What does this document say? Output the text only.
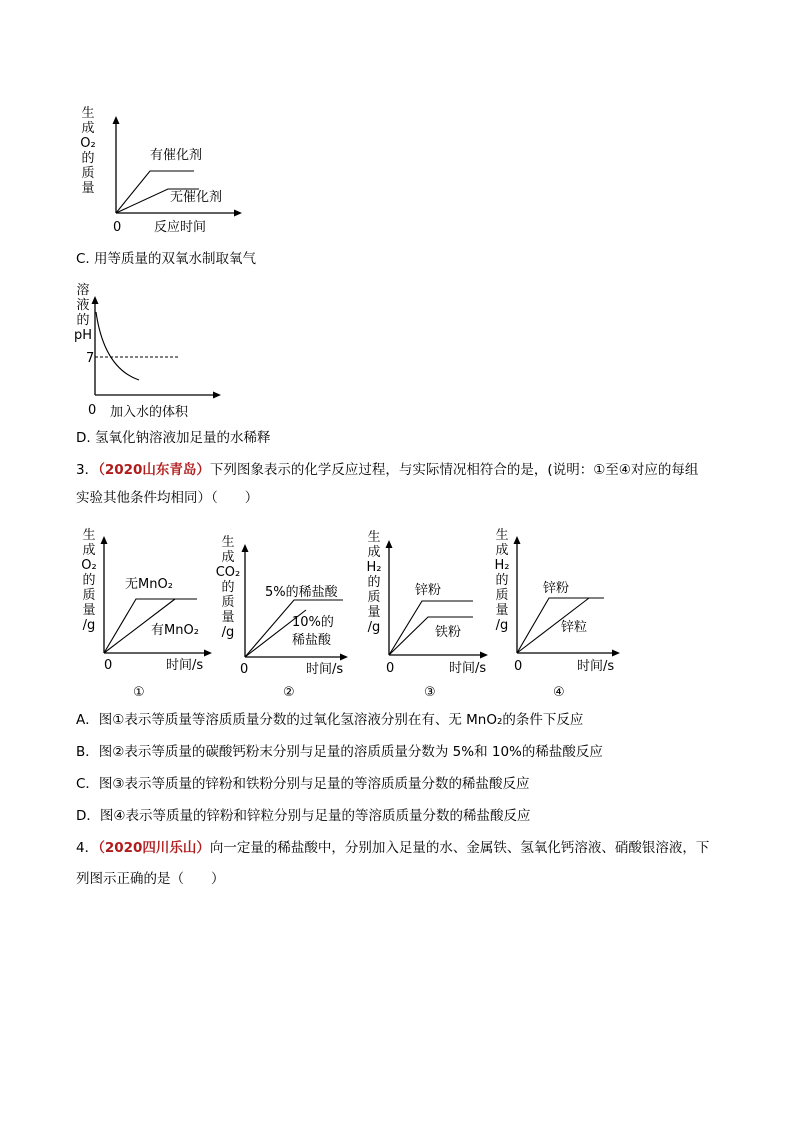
生
成
O₂
的
质
量
有催化剂
无催化剂
0	反应时间
C. 用等质量的双氧水制取氧气
溶
液
的
pH
7
0 加入水的体积
D. 氢氧化钠溶液加足量的水稀释
3．（2020山东青岛）下列图象表示的化学反应过程，与实际情况相符合的是，(说明：①至④对应的每组
实验其他条件均相同）（　　）
生
成
O₂
的
质
量
/g
无MnO₂
有MnO₂
0	时间/s
①
生
成
CO₂
的
质
量
/g
5%的稀盐酸
10%的
稀盐酸
0	时间/s
②
生
成
H₂
的
质
量
/g
锌粉
铁粉
0	时间/s
③
生
成
H₂
的
质
量
/g
锌粉
锌粒
0	时间/s
④
A．图①表示等质量等溶质质量分数的过氧化氢溶液分别在有、无 MnO₂的条件下反应
B．图②表示等质量的碳酸钙粉末分别与足量的溶质质量分数为 5%和 10%的稀盐酸反应
C．图③表示等质量的锌粉和铁粉分别与足量的等溶质质量分数的稀盐酸反应
D．图④表示等质量的锌粉和锌粒分别与足量的等溶质质量分数的稀盐酸反应
4．（2020四川乐山）向一定量的稀盐酸中，分别加入足量的水、金属铁、氢氧化钙溶液、硝酸银溶液，下
列图示正确的是（　　）
